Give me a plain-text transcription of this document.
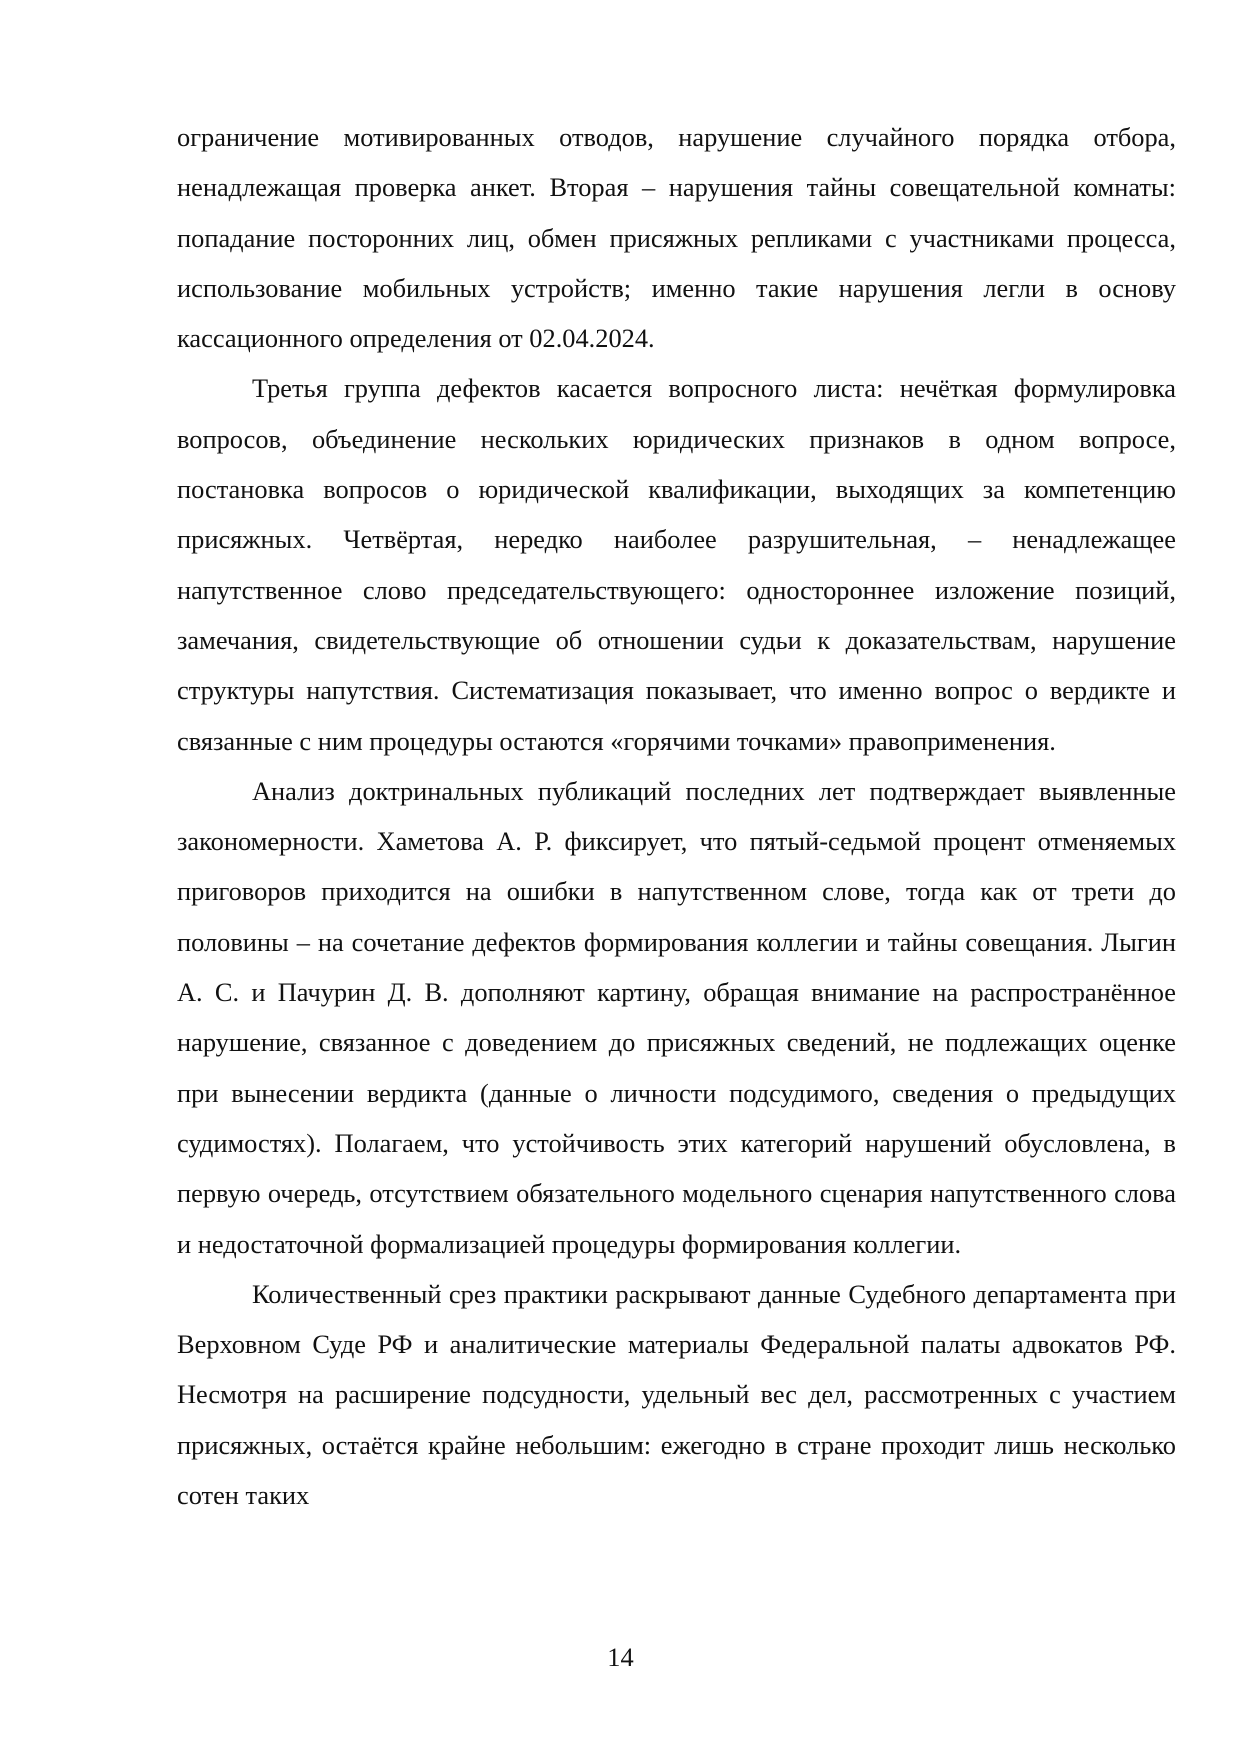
ограничение мотивированных отводов, нарушение случайного порядка отбора, ненадлежащая проверка анкет. Вторая – нарушения тайны совещательной комнаты: попадание посторонних лиц, обмен присяжных репликами с участниками процесса, использование мобильных устройств; именно такие нарушения легли в основу кассационного определения от 02.04.2024.

Третья группа дефектов касается вопросного листа: нечёткая формулировка вопросов, объединение нескольких юридических признаков в одном вопросе, постановка вопросов о юридической квалификации, выходящих за компетенцию присяжных. Четвёртая, нередко наиболее разрушительная, – ненадлежащее напутственное слово председательствующего: одностороннее изложение позиций, замечания, свидетельствующие об отношении судьи к доказательствам, нарушение структуры напутствия. Систематизация показывает, что именно вопрос о вердикте и связанные с ним процедуры остаются «горячими точками» правоприменения.

Анализ доктринальных публикаций последних лет подтверждает выявленные закономерности. Хаметова А. Р. фиксирует, что пятый-седьмой процент отменяемых приговоров приходится на ошибки в напутственном слове, тогда как от трети до половины – на сочетание дефектов формирования коллегии и тайны совещания. Лыгин А. С. и Пачурин Д. В. дополняют картину, обращая внимание на распространённое нарушение, связанное с доведением до присяжных сведений, не подлежащих оценке при вынесении вердикта (данные о личности подсудимого, сведения о предыдущих судимостях). Полагаем, что устойчивость этих категорий нарушений обусловлена, в первую очередь, отсутствием обязательного модельного сценария напутственного слова и недостаточной формализацией процедуры формирования коллегии.

Количественный срез практики раскрывают данные Судебного департамента при Верховном Суде РФ и аналитические материалы Федеральной палаты адвокатов РФ. Несмотря на расширение подсудности, удельный вес дел, рассмотренных с участием присяжных, остаётся крайне небольшим: ежегодно в стране проходит лишь несколько сотен таких

14
